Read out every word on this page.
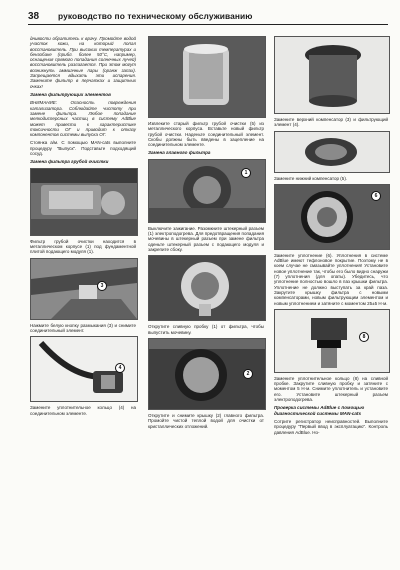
38	руководство по техническому обслуживанию

днивости обратитесь к врачу. Промойте водой участок кожи, на который попал восстановитель. При высоких температурах и бензобаке (прибл. более 50°C, например, оснащения прямого попадания солнечных лучей) восстановитель разлагается. При этом могут возникнуть аммиачные пары (оранж запах). Запрещается вдыхать эти испарения. Замените фильтр в перчатках и защитных очках!

Замена фильтрующих элементов

ВНИМАНИЕ: Опасность повреждения катализатора. Соблюдайте чистоту при замене фильтра. Любое попадание мелкодисперсных частиц в систему AdBlue может привести к характеристике токсичности ОГ и приводит к отказу компонентов системы выпуска ОГ.

Стоянка а/м. С помощью MAN-cats выполните процедуру "Выпуск". Подставьте подходящий сосуд.

Замена фильтра грубой очистки

Фильтр грубой очистки находится в металлическом корпусе (1) под фундаментной плитой подающего модуля (1).

3

Нажмите белую кнопку размыкания (3) и снимите соединительный элемент.

4

Замените уплотнительное кольцо (4) на соединительном элементе.

Извлеките старый фильтр грубой очистки (5) из металлического корпуса. Вставьте новый фильтр грубой очистки. Наденьте соединительный элемент. Скобы должны быть введены в зацепление на соединительном элементе.

Замена главного фильтра
1

Выключите зажигание. Разомкните штекерный разъем (1) электроподогрева. Для предотвращения попадания мочевины в штекерный разъем при замене фильтра оденьте штекерный разъем с подающего модуля и закрепите сбоку.

Открутите сливную пробку (1) от фильтра, чтобы выпустить мочевину.

2

Открутите и снимите крышку (2) главного фильтра. Промойте чистой теплой водой для очистки от кристаллических отложений.

Замените верхний компенсатор (3) и фильтрующий элемент (4).

Замените нижний компенсатор (5).

6

Замените уплотнение (6). Уплотнения в системе AdBlue имеют тефлоновое покрытие. Поэтому не в коем случае не смазывайте уплотнения! Установите новое уплотнение так, чтобы его было видно снаружи (7) уплотнения (для опаты). Убедитесь, что уплотнение полностью вошло в паз крышки фильтра. Уплотнение не должно выступать за край паза. Закрутите крышку фильтра с новыми компенсаторами, новым фильтрующим элементом и новым уплотнением и затяните с моментом 25±5 Н·м.

8

Замените уплотнительное кольцо (8) на сливной пробке. Закрутите сливную пробку и затяните с моментом 5 Н·м. Снимите уплотнитель и установите его. Установите штекерный разъем электроподогрева.

Проверка системы AdBlue с помощью диагностической системы MAN-cats

Сотрите регистратор неисправностей. Выполните процедуру "Первый ввод в эксплуатацию". Контроль давления AdBlue. Но-
